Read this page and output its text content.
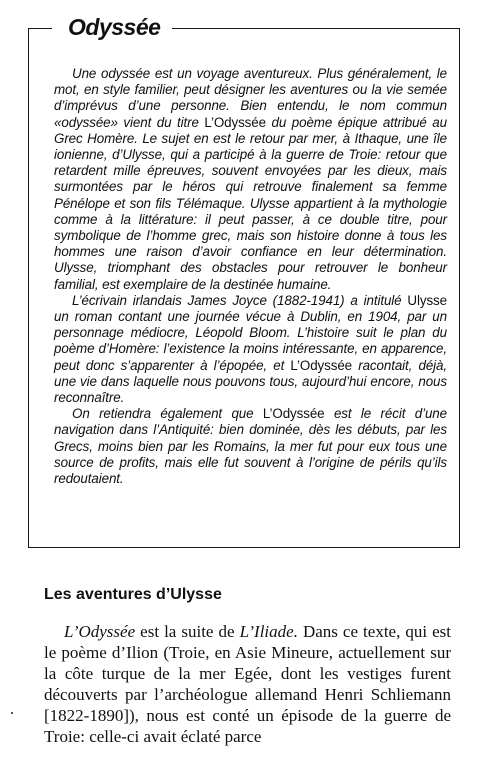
Odyssée

Une odyssée est un voyage aventureux. Plus généralement, le mot, en style familier, peut désigner les aventures ou la vie semée d’imprévus d’une personne. Bien entendu, le nom commun «odyssée» vient du titre L’Odyssée du poème épique attribué au Grec Homère. Le sujet en est le retour par mer, à Ithaque, une île ionienne, d’Ulysse, qui a participé à la guerre de Troie: retour que retardent mille épreuves, souvent envoyées par les dieux, mais surmontées par le héros qui retrouve finalement sa femme Pénélope et son fils Télémaque. Ulysse appartient à la mythologie comme à la littérature: il peut passer, à ce double titre, pour symbolique de l’homme grec, mais son histoire donne à tous les hommes une raison d’avoir confiance en leur détermination. Ulysse, triomphant des obstacles pour retrouver le bonheur familial, est exemplaire de la destinée humaine.

L’écrivain irlandais James Joyce (1882-1941) a intitulé Ulysse un roman contant une journée vécue à Dublin, en 1904, par un personnage médiocre, Léopold Bloom. L’histoire suit le plan du poème d’Homère: l’existence la moins intéressante, en apparence, peut donc s’apparenter à l’épopée, et L’Odyssée racontait, déjà, une vie dans laquelle nous pouvons tous, aujourd’hui encore, nous reconnaître.

On retiendra également que L’Odyssée est le récit d’une navigation dans l’Antiquité: bien dominée, dès les débuts, par les Grecs, moins bien par les Romains, la mer fut pour eux tous une source de profits, mais elle fut souvent à l’origine de périls qu’ils redoutaient.

Les aventures d’Ulysse

L’Odyssée est la suite de L’Iliade. Dans ce texte, qui est le poème d’Ilion (Troie, en Asie Mineure, actuellement sur la côte turque de la mer Egée, dont les vestiges furent découverts par l’archéologue allemand Henri Schliemann [1822-1890]), nous est conté un épisode de la guerre de Troie: celle-ci avait éclaté parce
